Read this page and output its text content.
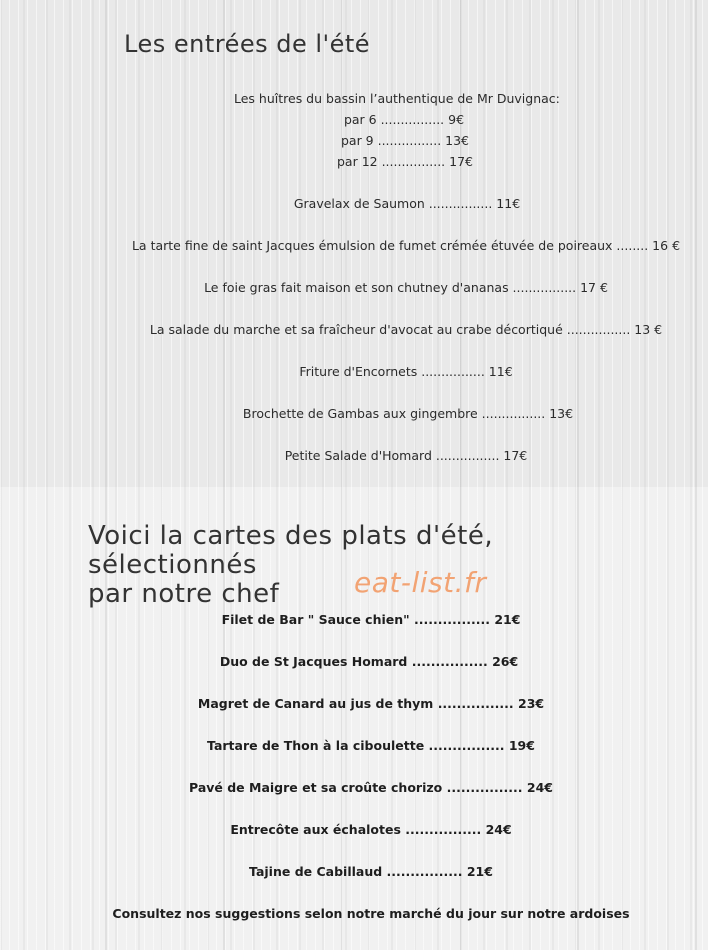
Les entrées de l'été
Les huîtres du bassin l’authentique de Mr Duvignac:
par 6 ................ 9€
par 9 ................ 13€
par 12 ................ 17€
Gravelax de Saumon ................ 11€
La tarte fine de saint Jacques émulsion de fumet crémée étuvée de poireaux ........ 16 €
Le foie gras fait maison et son chutney d'ananas ................ 17 €
La salade du marche et sa fraîcheur d'avocat au crabe décortiqué ................ 13 €
Friture d'Encornets ................ 11€
Brochette de Gambas aux gingembre ................ 13€
Petite Salade d'Homard ................ 17€
Voici la cartes des plats d'été, sélectionnés
par notre chef	eat-list.fr
Filet de Bar " Sauce chien" ................ 21€
Duo de St Jacques Homard ................ 26€
Magret de Canard au jus de thym ................ 23€
Tartare de Thon à la ciboulette ................ 19€
Pavé de Maigre et sa croûte chorizo ................ 24€
Entrecôte aux échalotes ................ 24€
Tajine de Cabillaud ................ 21€
Consultez nos suggestions selon notre marché du jour sur notre ardoises
